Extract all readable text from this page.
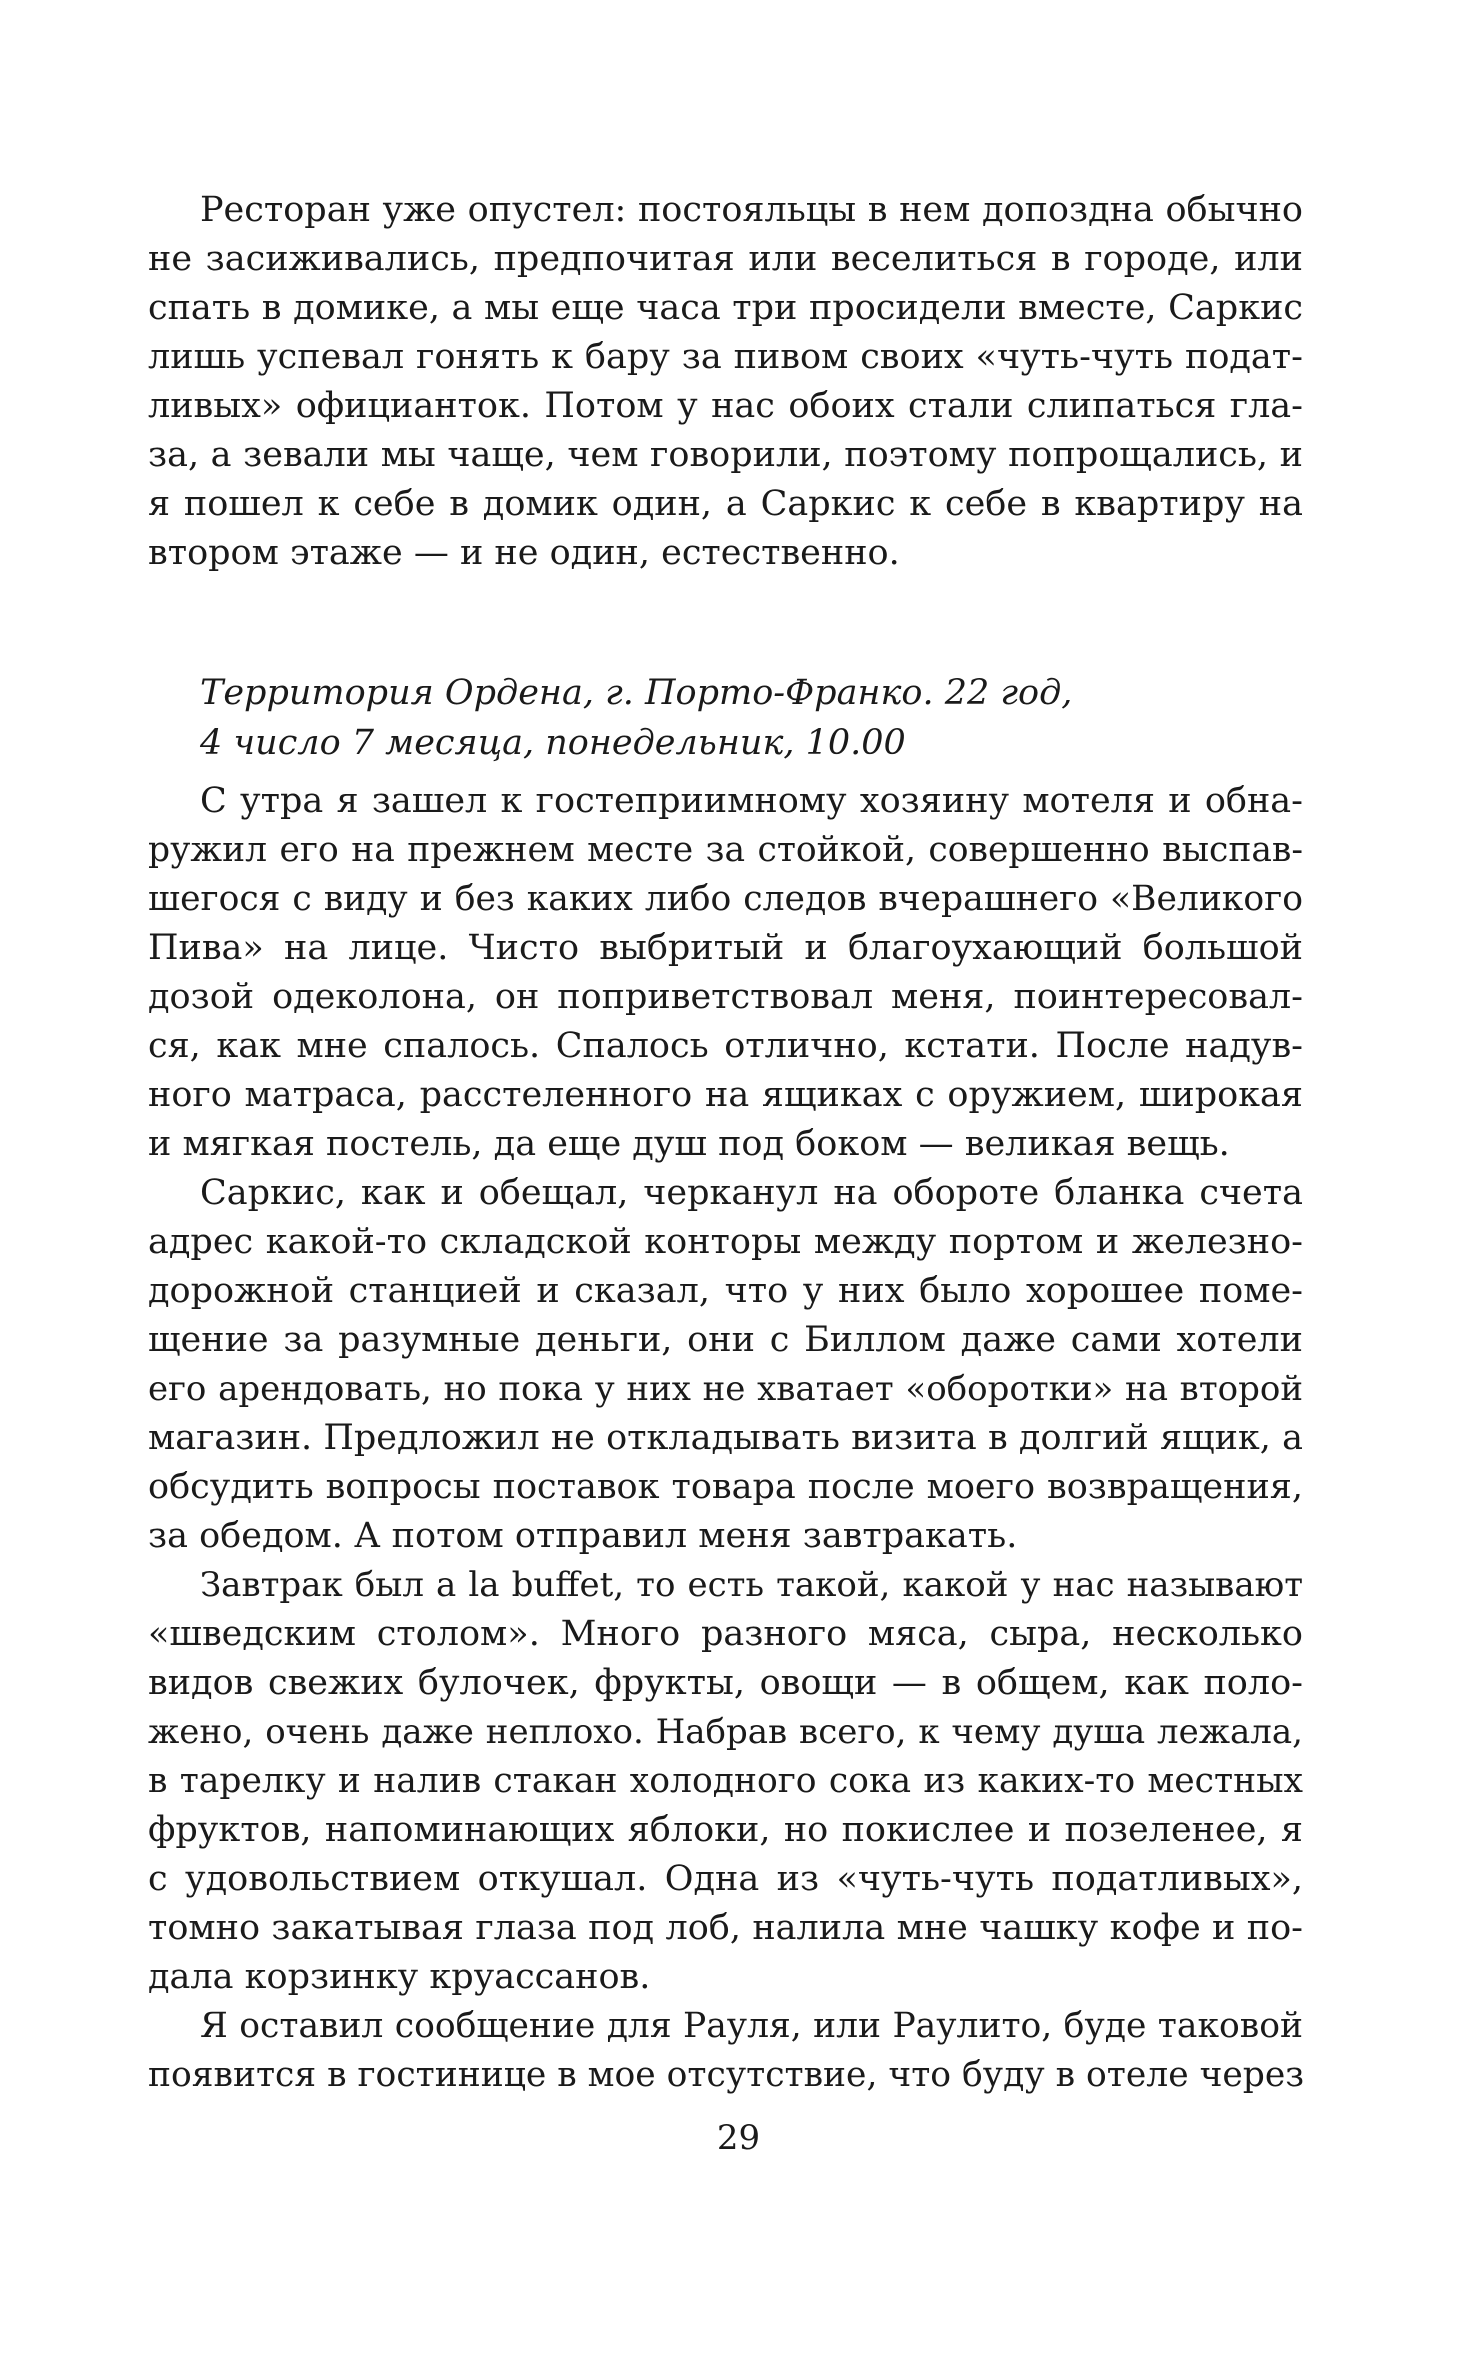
Ресторан уже опустел: постояльцы в нем допоздна обычно
не засиживались, предпочитая или веселиться в городе, или
спать в домике, а мы еще часа три просидели вместе, Саркис
лишь успевал гонять к бару за пивом своих «чуть-чуть подат-
ливых» официанток. Потом у нас обоих стали слипаться гла-
за, а зевали мы чаще, чем говорили, поэтому попрощались, и
я пошел к себе в домик один, а Саркис к себе в квартиру на
втором этаже — и не один, естественно.
Территория Ордена, г. Порто-Франко. 22 год,
4 число 7 месяца, понедельник, 10.00
С утра я зашел к гостеприимному хозяину мотеля и обна-
ружил его на прежнем месте за стойкой, совершенно выспав-
шегося с виду и без каких либо следов вчерашнего «Великого
Пива» на лице. Чисто выбритый и благоухающий большой
дозой одеколона, он поприветствовал меня, поинтересовал-
ся, как мне спалось. Спалось отлично, кстати. После надув-
ного матраса, расстеленного на ящиках с оружием, широкая
и мягкая постель, да еще душ под боком — великая вещь.
Саркис, как и обещал, черканул на обороте бланка счета
адрес какой-то складской конторы между портом и железно-
дорожной станцией и сказал, что у них было хорошее поме-
щение за разумные деньги, они с Биллом даже сами хотели
его арендовать, но пока у них не хватает «оборотки» на второй
магазин. Предложил не откладывать визита в долгий ящик, а
обсудить вопросы поставок товара после моего возвращения,
за обедом. А потом отправил меня завтракать.
Завтрак был a la buffet, то есть такой, какой у нас называют
«шведским столом». Много разного мяса, сыра, несколько
видов свежих булочек, фрукты, овощи — в общем, как поло-
жено, очень даже неплохо. Набрав всего, к чему душа лежала,
в тарелку и налив стакан холодного сока из каких-то местных
фруктов, напоминающих яблоки, но покислее и позеленее, я
с удовольствием откушал. Одна из «чуть-чуть податливых»,
томно закатывая глаза под лоб, налила мне чашку кофе и по-
дала корзинку круассанов.
Я оставил сообщение для Рауля, или Раулито, буде таковой
появится в гостинице в мое отсутствие, что буду в отеле через
29
